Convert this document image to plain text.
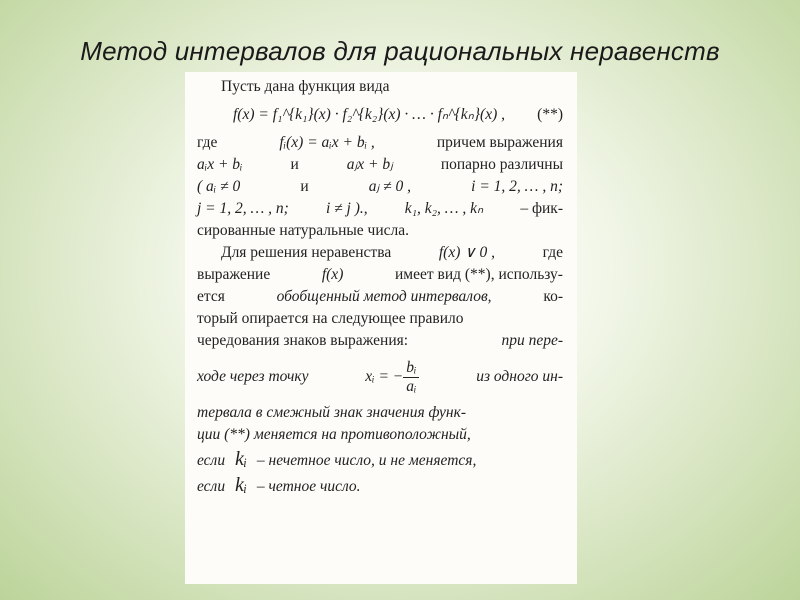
Метод интервалов для рациональных неравенств
Пусть дана функция вида
f(x) = f₁^{k₁}(x) · f₂^{k₂}(x) · … · fₙ^{kₙ}(x) , (**)
где	fᵢ(x) = aᵢx + bᵢ ,	причем выражения
aᵢx + bᵢ	и	aⱼx + bⱼ	попарно различны
( aᵢ ≠ 0	и	aⱼ ≠ 0 ,	i = 1, 2, … , n;
j = 1, 2, … , n; i ≠ j )., k₁, k₂, … , kₙ – фик-
сированные натуральные числа.
Для решения неравенства	f(x) ∨ 0 ,	где
выражение	f(x)	имеет вид (**), использу-
ется	обобщенный метод интервалов,	ко-
торый опирается на следующее правило
чередования знаков выражения:	при пере-
ходе через точку	xᵢ = − $\frac{\text{bᵢ}}{\text{aᵢ}}$	из одного ин-
тервала в смежный знак значения функ-
ции (**) меняется на противоположный,
если kᵢ – нечетное число, и не меняется,
если kᵢ – четное число.
